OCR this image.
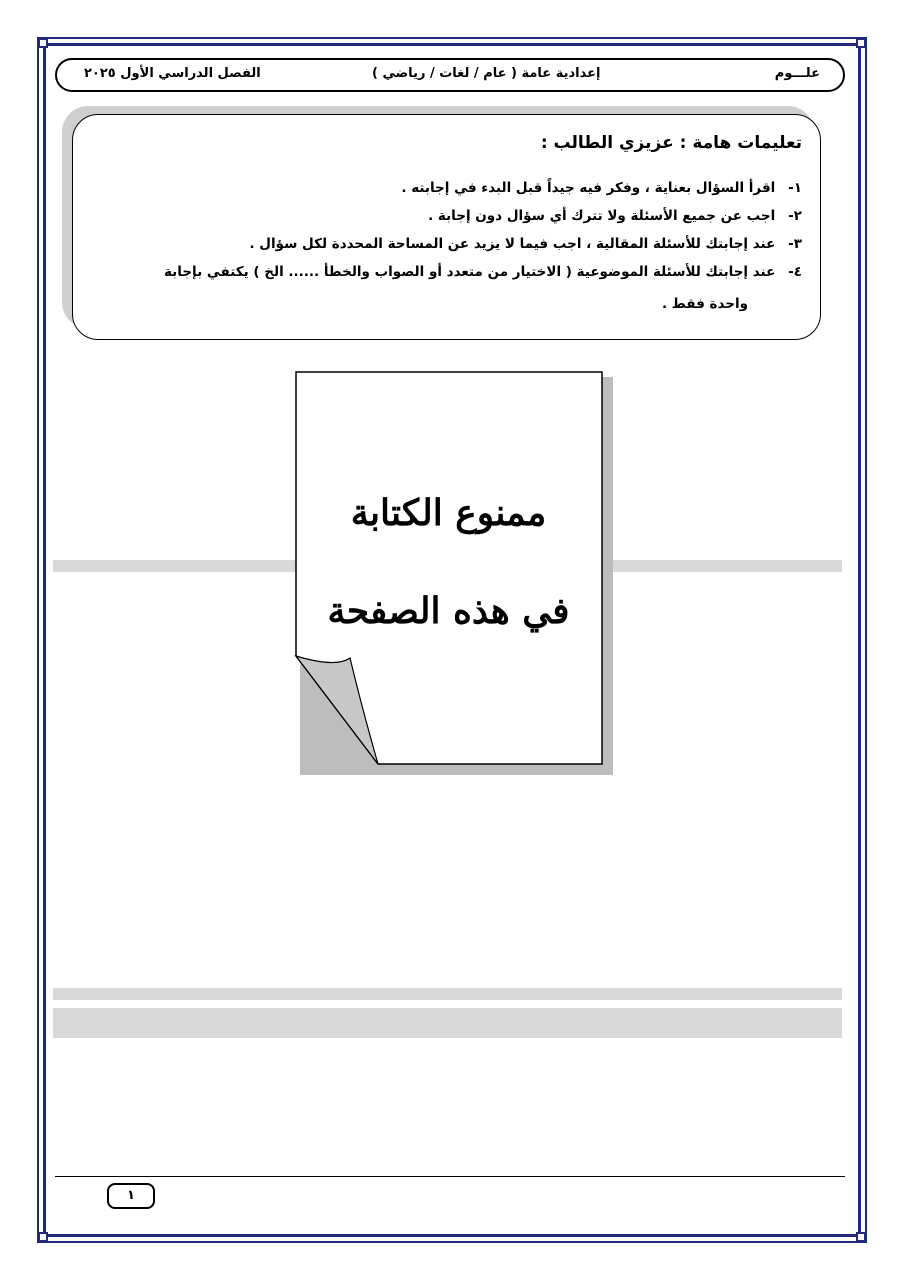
علـــوم
إعدادية عامة ( عام / لغات / رياضي )
الفصل الدراسي الأول ٢٠٢٥
تعليمات هامة : عزيزي الطالب :
١- اقرأ السؤال بعناية ، وفكر فيه جيداً قبل البدء في إجابته .
٢- اجب عن جميع الأسئلة ولا تترك أي سؤال دون إجابة .
٣- عند إجابتك للأسئلة المقالية ، اجب فيما لا يزيد عن المساحة المحددة لكل سؤال .
٤- عند إجابتك للأسئلة الموضوعية ( الاختيار من متعدد أو الصواب والخطأ ...... الخ ) يكتفي بإجابة
واحدة فقط .
ممنوع الكتابة
في هذه الصفحة
١
